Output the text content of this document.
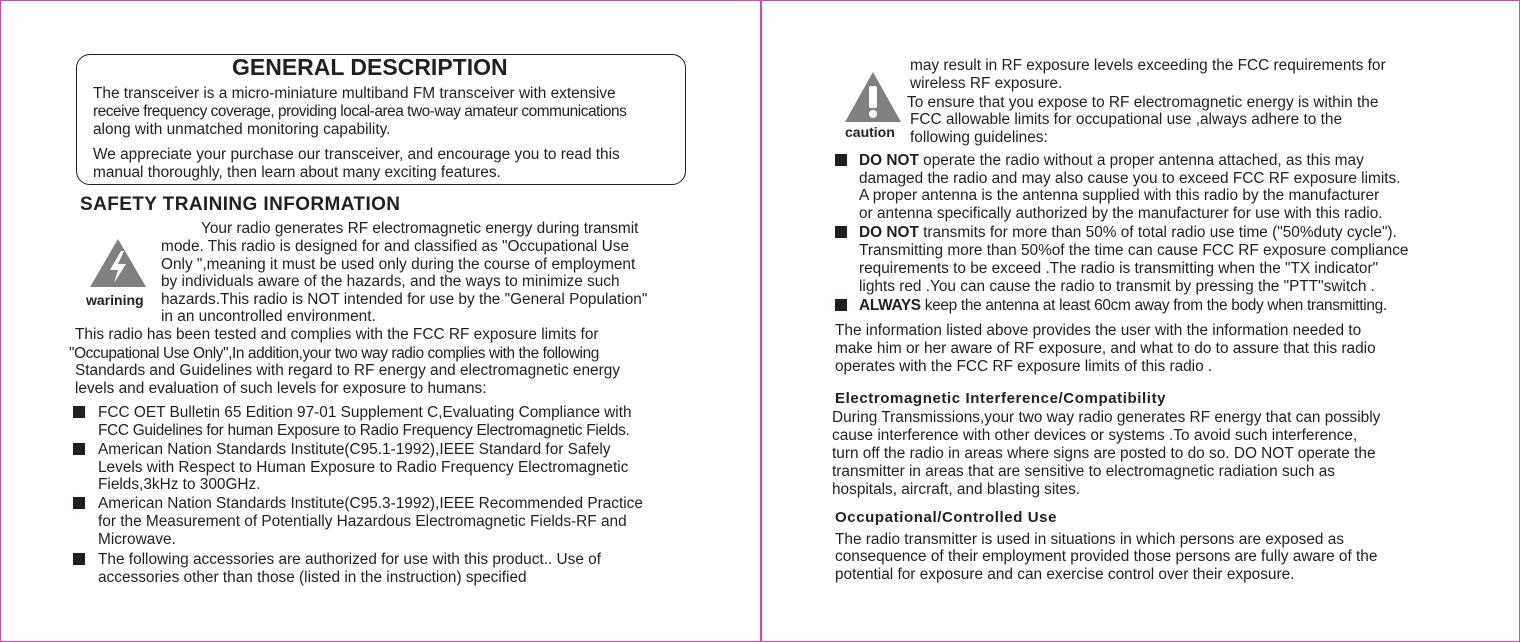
GENERAL DESCRIPTION
The transceiver is a micro-miniature multiband FM transceiver with extensive
receive frequency coverage, providing local-area two-way amateur communications
along with unmatched monitoring capability.
We appreciate your purchase our transceiver, and encourage you to read this
manual thoroughly, then learn about many exciting features.
SAFETY TRAINING INFORMATION
warining
Your radio generates RF electromagnetic energy during transmit
mode. This radio is designed for and classified as "Occupational Use
Only ",meaning it must be used only during the course of employment
by individuals aware of the hazards, and the ways to minimize such
hazards.This radio is NOT intended for use by the "General Population"
in an uncontrolled environment.
This radio has been tested and complies with the FCC RF exposure limits for
"Occupational Use Only",In addition,your two way radio complies with the following
Standards and Guidelines with regard to RF energy and electromagnetic energy
levels and evaluation of such levels for exposure to humans:
FCC OET Bulletin 65 Edition 97-01 Supplement C,Evaluating Compliance with
FCC Guidelines for human Exposure to Radio Frequency Electromagnetic Fields.
American Nation Standards Institute(C95.1-1992),IEEE Standard for Safely
Levels with Respect to Human Exposure to Radio Frequency Electromagnetic
Fields,3kHz to 300GHz.
American Nation Standards Institute(C95.3-1992),IEEE Recommended Practice
for the Measurement of Potentially Hazardous Electromagnetic Fields-RF and
Microwave.
The following accessories are authorized for use with this product.. Use of
accessories other than those (listed in the instruction) specified
caution
may result in RF exposure levels exceeding the FCC requirements for
wireless RF exposure.
To ensure that you expose to RF electromagnetic energy is within the
FCC allowable limits for occupational use ,always adhere to the
following guidelines:
DO NOT operate the radio without a proper antenna attached, as this may
damaged the radio and may also cause you to exceed FCC RF exposure limits.
A proper antenna is the antenna supplied with this radio by the manufacturer
or antenna specifically authorized by the manufacturer for use with this radio.
DO NOT transmits for more than 50% of total radio use time ("50%duty cycle").
Transmitting more than 50%of the time can cause FCC RF exposure compliance
requirements to be exceed .The radio is transmitting when the "TX indicator"
lights red .You can cause the radio to transmit by pressing the "PTT"switch .
ALWAYS keep the antenna at least 60cm away from the body when transmitting.
The information listed above provides the user with the information needed to
make him or her aware of RF exposure, and what to do to assure that this radio
operates with the FCC RF exposure limits of this radio .
Electromagnetic Interference/Compatibility
During Transmissions,your two way radio generates RF energy that can possibly
cause interference with other devices or systems .To avoid such interference,
turn off the radio in areas where signs are posted to do so. DO NOT operate the
transmitter in areas that are sensitive to electromagnetic radiation such as
hospitals, aircraft, and blasting sites.
Occupational/Controlled Use
The radio transmitter is used in situations in which persons are exposed as
consequence of their employment provided those persons are fully aware of the
potential for exposure and can exercise control over their exposure.
